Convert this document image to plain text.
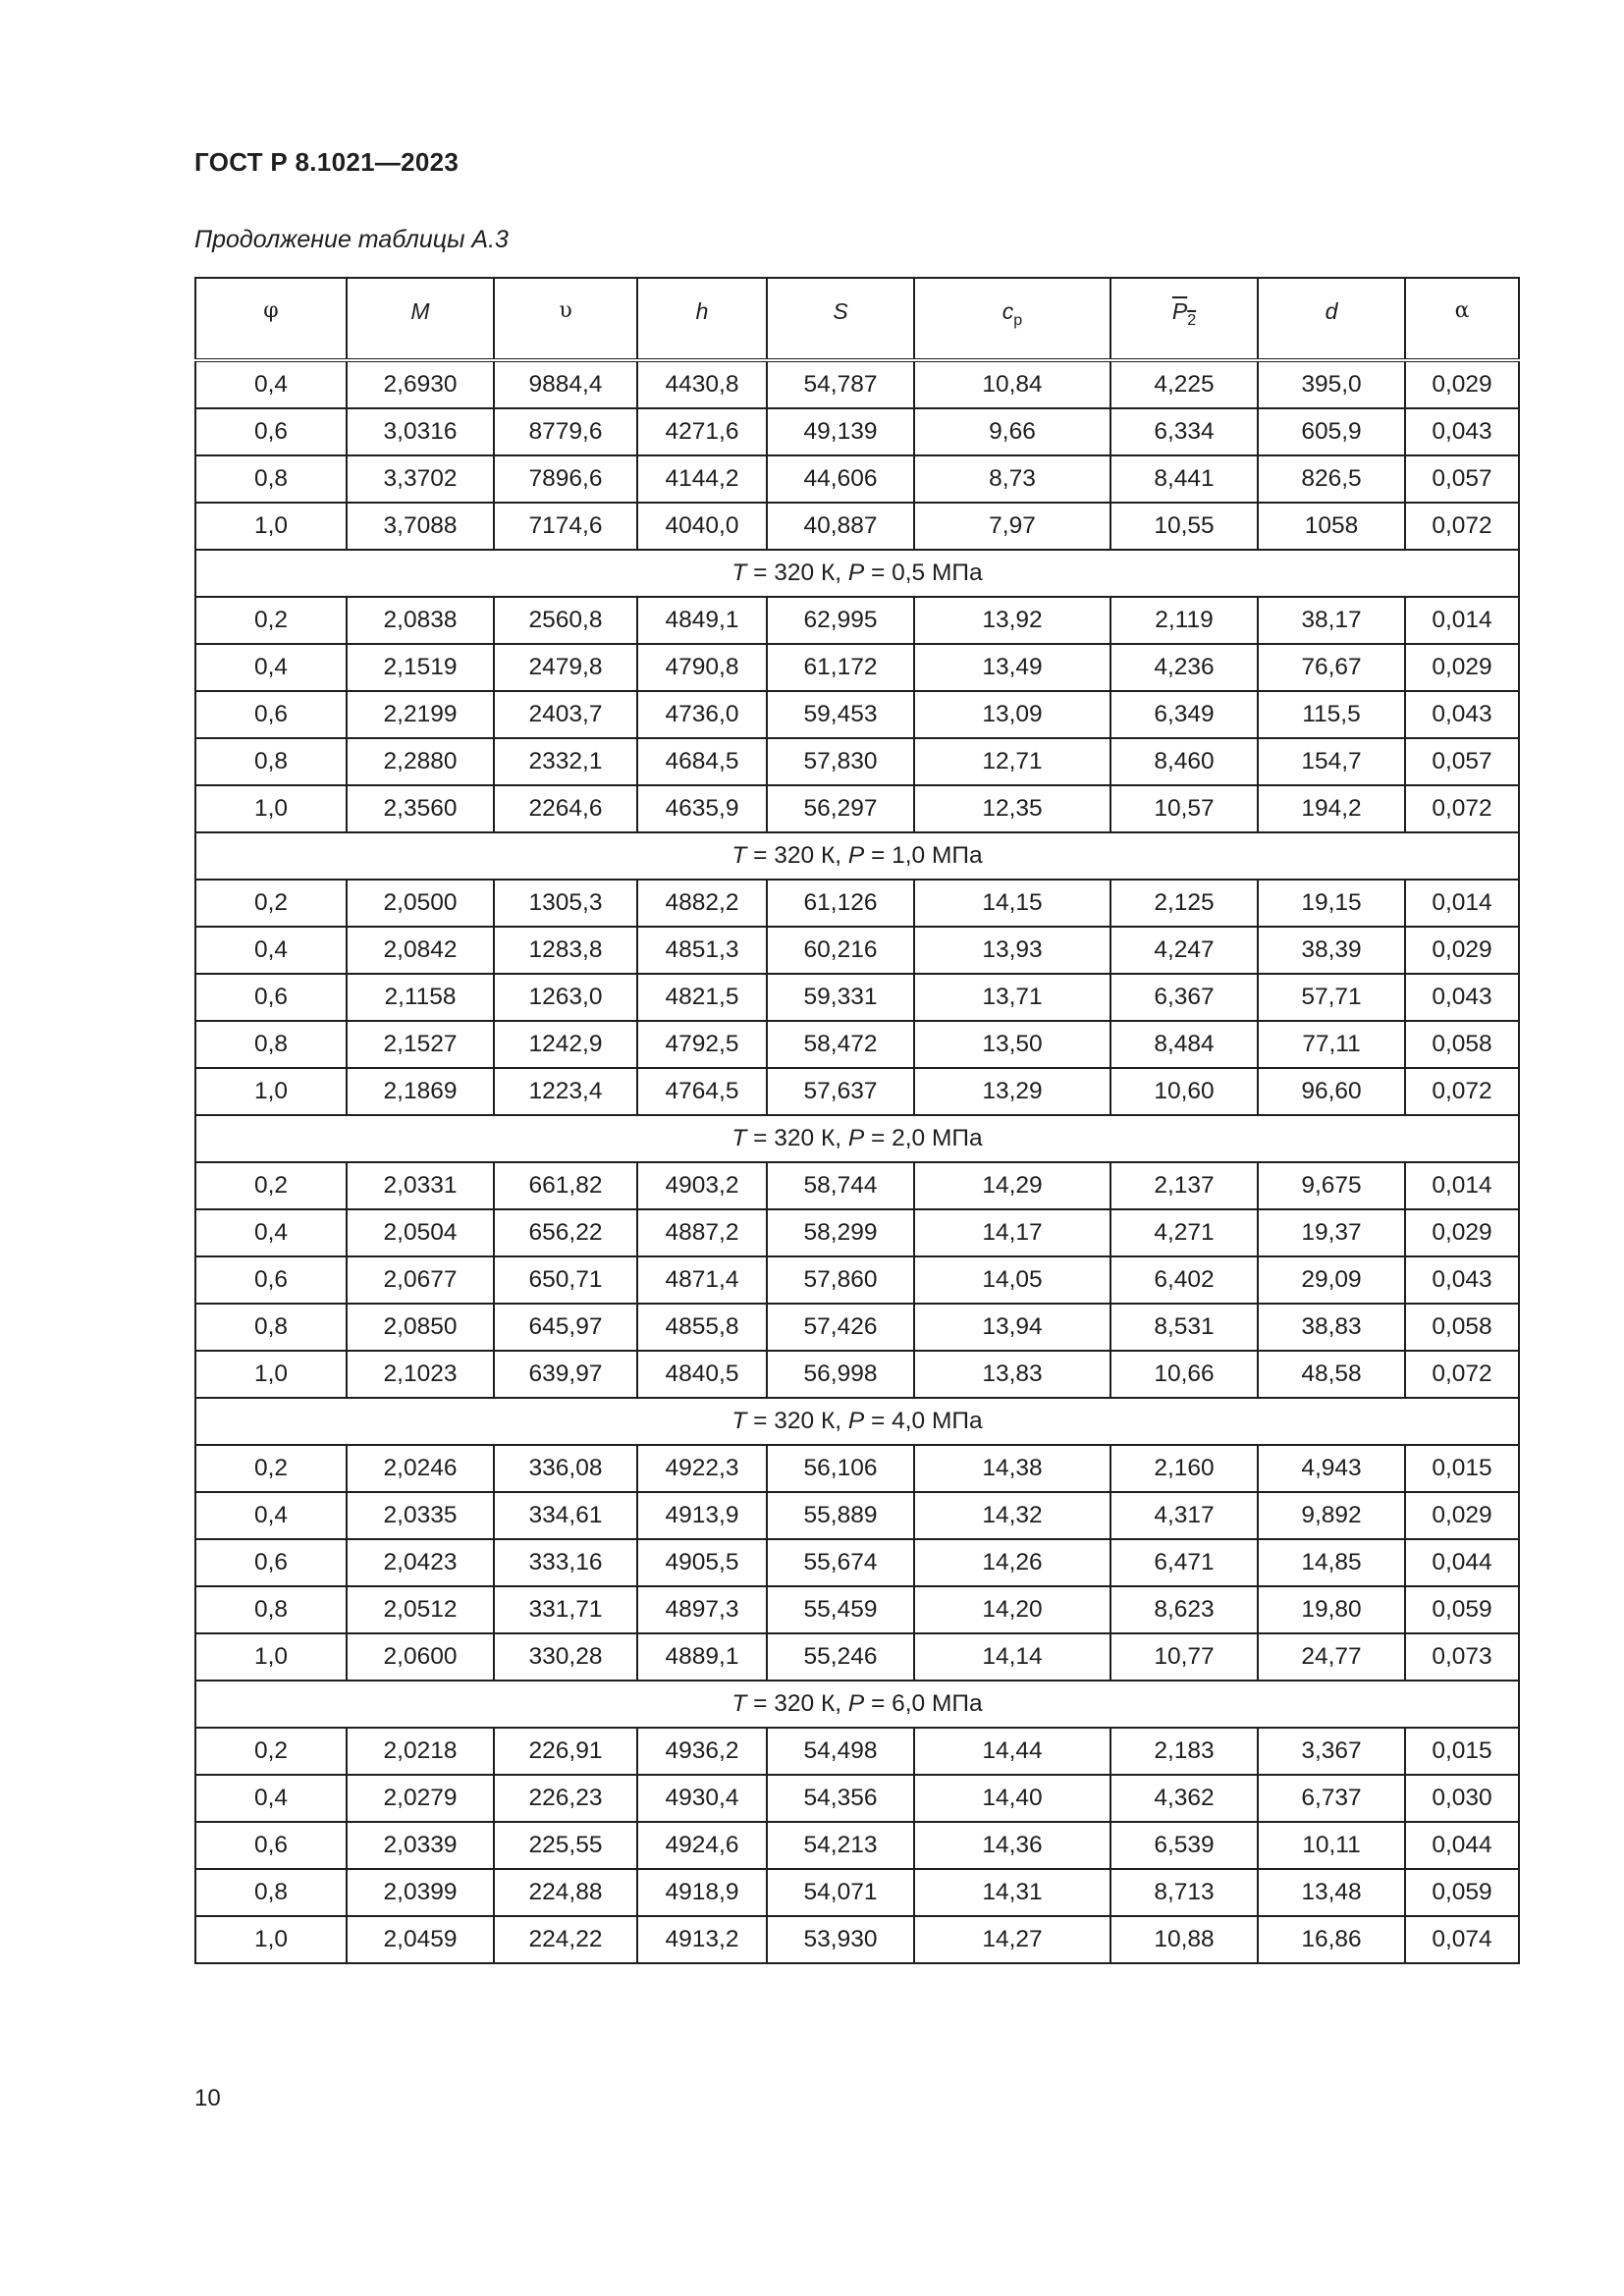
ГОСТ Р 8.1021—2023
Продолжение таблицы А.3
φ	M	υ	h	S	$c_p$	$P_2$	d	α
0,4	2,6930	9884,4	4430,8	54,787	10,84	4,225	395,0	0,029
0,6	3,0316	8779,6	4271,6	49,139	9,66	6,334	605,9	0,043
0,8	3,3702	7896,6	4144,2	44,606	8,73	8,441	826,5	0,057
1,0	3,7088	7174,6	4040,0	40,887	7,97	10,55	1058	0,072
T = 320 К, P = 0,5 МПа								
0,2	2,0838	2560,8	4849,1	62,995	13,92	2,119	38,17	0,014
0,4	2,1519	2479,8	4790,8	61,172	13,49	4,236	76,67	0,029
0,6	2,2199	2403,7	4736,0	59,453	13,09	6,349	115,5	0,043
0,8	2,2880	2332,1	4684,5	57,830	12,71	8,460	154,7	0,057
1,0	2,3560	2264,6	4635,9	56,297	12,35	10,57	194,2	0,072
T = 320 К, P = 1,0 МПа								
0,2	2,0500	1305,3	4882,2	61,126	14,15	2,125	19,15	0,014
0,4	2,0842	1283,8	4851,3	60,216	13,93	4,247	38,39	0,029
0,6	2,1158	1263,0	4821,5	59,331	13,71	6,367	57,71	0,043
0,8	2,1527	1242,9	4792,5	58,472	13,50	8,484	77,11	0,058
1,0	2,1869	1223,4	4764,5	57,637	13,29	10,60	96,60	0,072
T = 320 К, P = 2,0 МПа								
0,2	2,0331	661,82	4903,2	58,744	14,29	2,137	9,675	0,014
0,4	2,0504	656,22	4887,2	58,299	14,17	4,271	19,37	0,029
0,6	2,0677	650,71	4871,4	57,860	14,05	6,402	29,09	0,043
0,8	2,0850	645,97	4855,8	57,426	13,94	8,531	38,83	0,058
1,0	2,1023	639,97	4840,5	56,998	13,83	10,66	48,58	0,072
T = 320 К, P = 4,0 МПа								
0,2	2,0246	336,08	4922,3	56,106	14,38	2,160	4,943	0,015
0,4	2,0335	334,61	4913,9	55,889	14,32	4,317	9,892	0,029
0,6	2,0423	333,16	4905,5	55,674	14,26	6,471	14,85	0,044
0,8	2,0512	331,71	4897,3	55,459	14,20	8,623	19,80	0,059
1,0	2,0600	330,28	4889,1	55,246	14,14	10,77	24,77	0,073
T = 320 К, P = 6,0 МПа								
0,2	2,0218	226,91	4936,2	54,498	14,44	2,183	3,367	0,015
0,4	2,0279	226,23	4930,4	54,356	14,40	4,362	6,737	0,030
0,6	2,0339	225,55	4924,6	54,213	14,36	6,539	10,11	0,044
0,8	2,0399	224,88	4918,9	54,071	14,31	8,713	13,48	0,059
1,0	2,0459	224,22	4913,2	53,930	14,27	10,88	16,86	0,074
10
